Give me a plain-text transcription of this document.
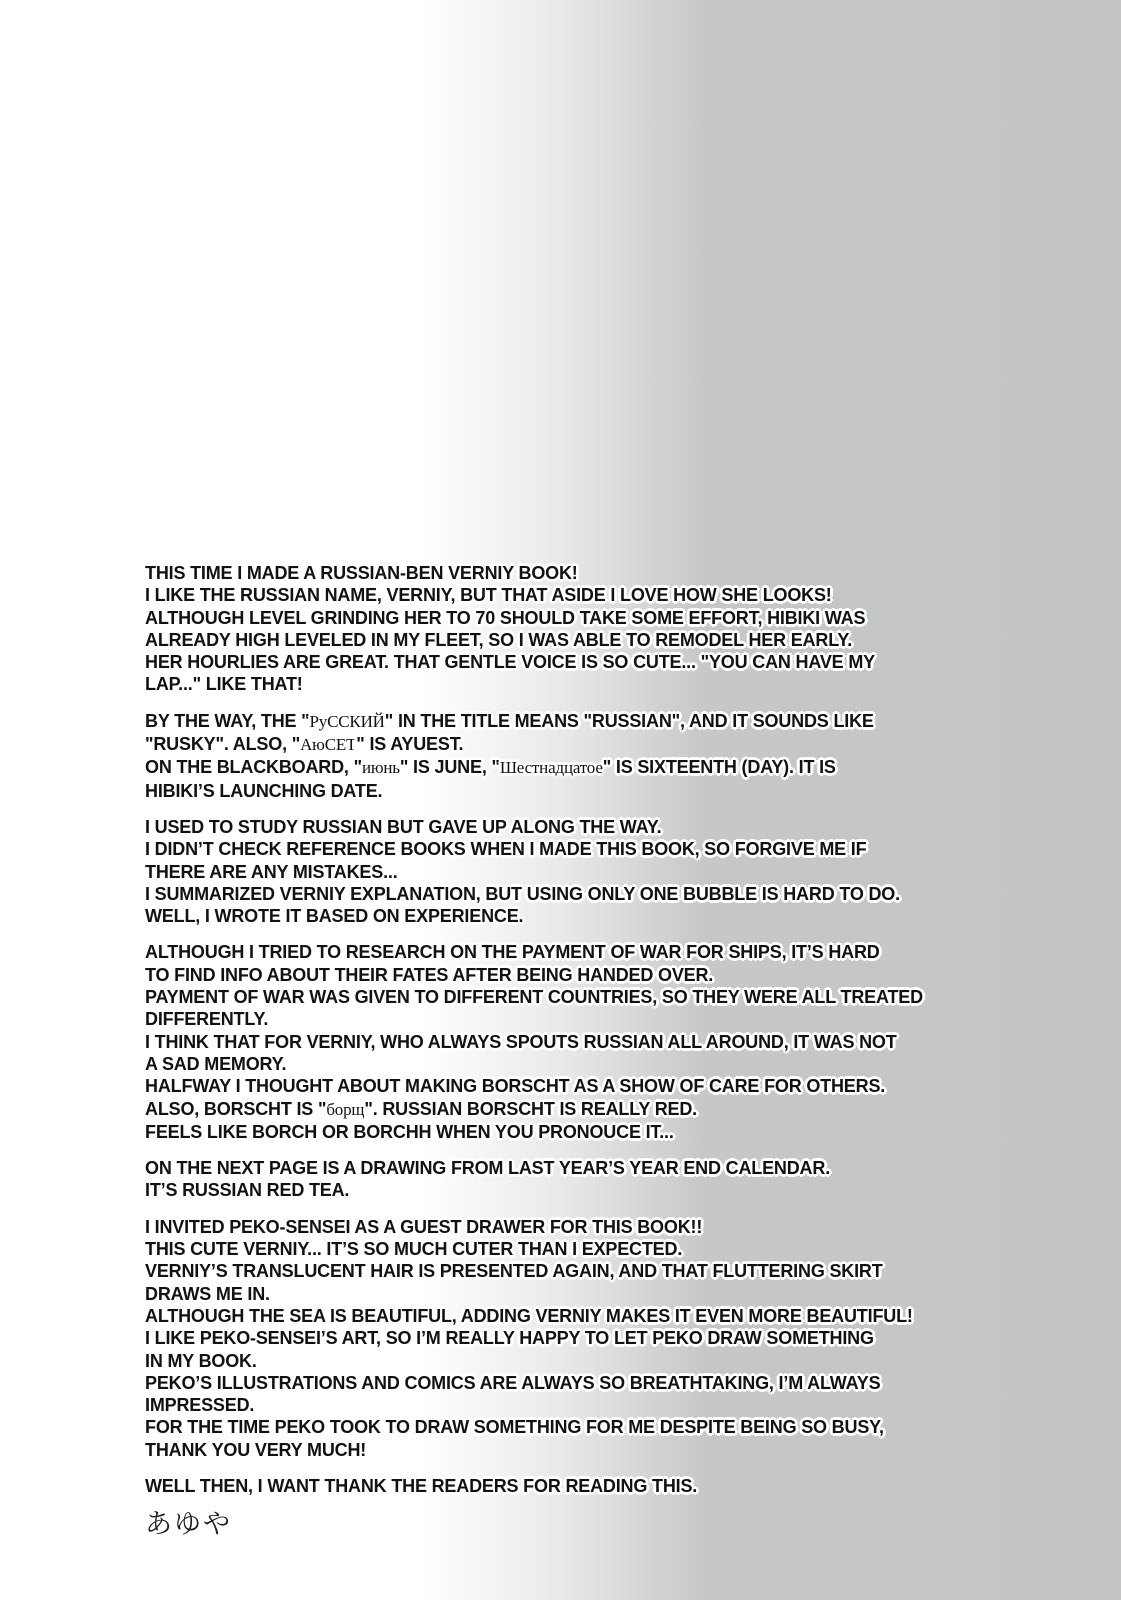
THIS TIME I MADE A RUSSIAN-BEN VERNIY BOOK!
I LIKE THE RUSSIAN NAME, VERNIY, BUT THAT ASIDE I LOVE HOW SHE LOOKS!
ALTHOUGH LEVEL GRINDING HER TO 70 SHOULD TAKE SOME EFFORT, HIBIKI WAS
ALREADY HIGH LEVELED IN MY FLEET, SO I WAS ABLE TO REMODEL HER EARLY.
HER HOURLIES ARE GREAT. THAT GENTLE VOICE IS SO CUTE... "YOU CAN HAVE MY
LAP..." LIKE THAT!
BY THE WAY, THE "РуССКИЙ" IN THE TITLE MEANS "RUSSIAN", AND IT SOUNDS LIKE
"RUSKY". ALSO, "АюСЕТ" IS AYUEST.
ON THE BLACKBOARD, "июнь" IS JUNE, "Шестнадцатое" IS SIXTEENTH (DAY). IT IS
HIBIKI’S LAUNCHING DATE.
I USED TO STUDY RUSSIAN BUT GAVE UP ALONG THE WAY.
I DIDN’T CHECK REFERENCE BOOKS WHEN I MADE THIS BOOK, SO FORGIVE ME IF
THERE ARE ANY MISTAKES...
I SUMMARIZED VERNIY EXPLANATION, BUT USING ONLY ONE BUBBLE IS HARD TO DO.
WELL, I WROTE IT BASED ON EXPERIENCE.
ALTHOUGH I TRIED TO RESEARCH ON THE PAYMENT OF WAR FOR SHIPS, IT’S HARD
TO FIND INFO ABOUT THEIR FATES AFTER BEING HANDED OVER.
PAYMENT OF WAR WAS GIVEN TO DIFFERENT COUNTRIES, SO THEY WERE ALL TREATED
DIFFERENTLY.
I THINK THAT FOR VERNIY, WHO ALWAYS SPOUTS RUSSIAN ALL AROUND, IT WAS NOT
A SAD MEMORY.
HALFWAY I THOUGHT ABOUT MAKING BORSCHT AS A SHOW OF CARE FOR OTHERS.
ALSO, BORSCHT IS "борщ". RUSSIAN BORSCHT IS REALLY RED.
FEELS LIKE BORCH OR BORCHH WHEN YOU PRONOUCE IT...
ON THE NEXT PAGE IS A DRAWING FROM LAST YEAR’S YEAR END CALENDAR.
IT’S RUSSIAN RED TEA.
I INVITED PEKO-SENSEI AS A GUEST DRAWER FOR THIS BOOK!!
THIS CUTE VERNIY... IT’S SO MUCH CUTER THAN I EXPECTED.
VERNIY’S TRANSLUCENT HAIR IS PRESENTED AGAIN, AND THAT FLUTTERING SKIRT
DRAWS ME IN.
ALTHOUGH THE SEA IS BEAUTIFUL, ADDING VERNIY MAKES IT EVEN MORE BEAUTIFUL!
I LIKE PEKO-SENSEI’S ART, SO I’M REALLY HAPPY TO LET PEKO DRAW SOMETHING
IN MY BOOK.
PEKO’S ILLUSTRATIONS AND COMICS ARE ALWAYS SO BREATHTAKING, I’M ALWAYS
IMPRESSED.
FOR THE TIME PEKO TOOK TO DRAW SOMETHING FOR ME DESPITE BEING SO BUSY,
THANK YOU VERY MUCH!
WELL THEN, I WANT THANK THE READERS FOR READING THIS.
あゆや
